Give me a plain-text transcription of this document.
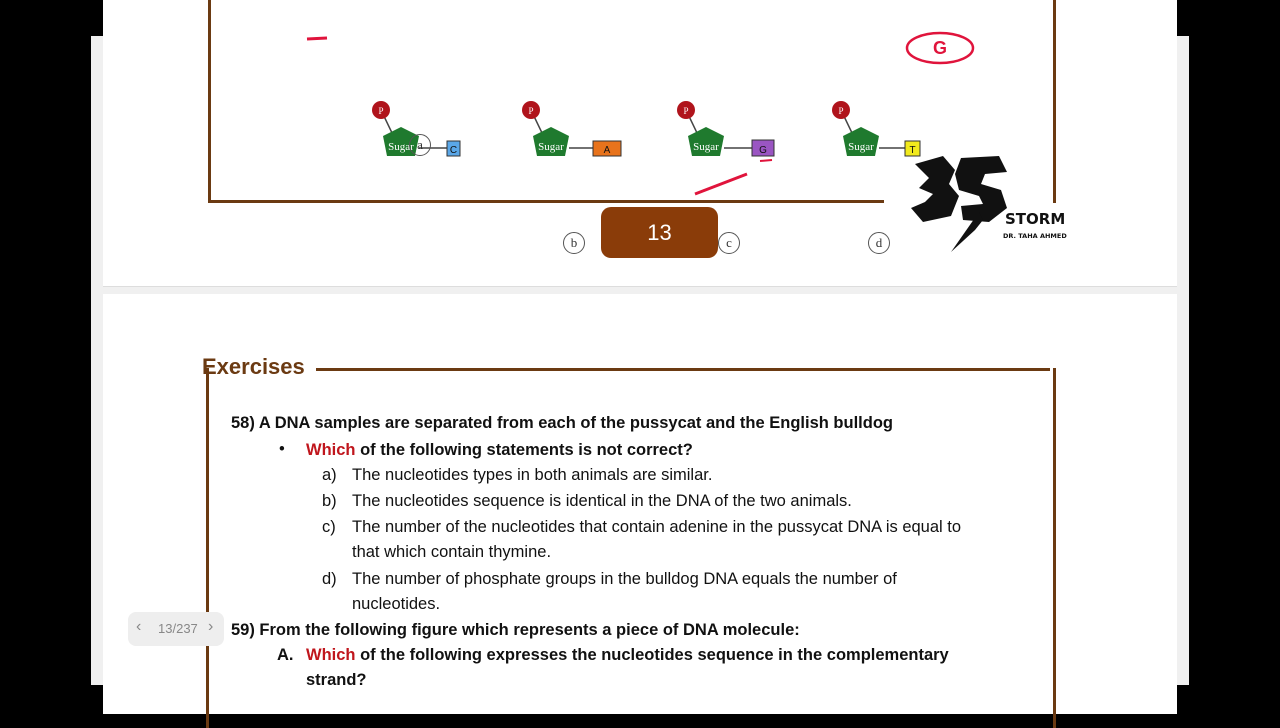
G
P
Sugar	C
a
P
Sugar	A
b
P
Sugar	G
c
P
Sugar	T
d
13
STORM
DR. TAHA AHMED
Exercises
58) A DNA samples are separated from each of the pussycat and the English bulldog
• Which of the following statements is not correct?
a) The nucleotides types in both animals are similar.
b) The nucleotides sequence is identical in the DNA of the two animals.
c) The number of the nucleotides that contain adenine in the pussycat DNA is equal to
that which contain thymine.
d) The number of phosphate groups in the bulldog DNA equals the number of
nucleotides.
59) From the following figure which represents a piece of DNA molecule:
A. Which of the following expresses the nucleotides sequence in the complementary
strand?
‹ 13/237 ›
